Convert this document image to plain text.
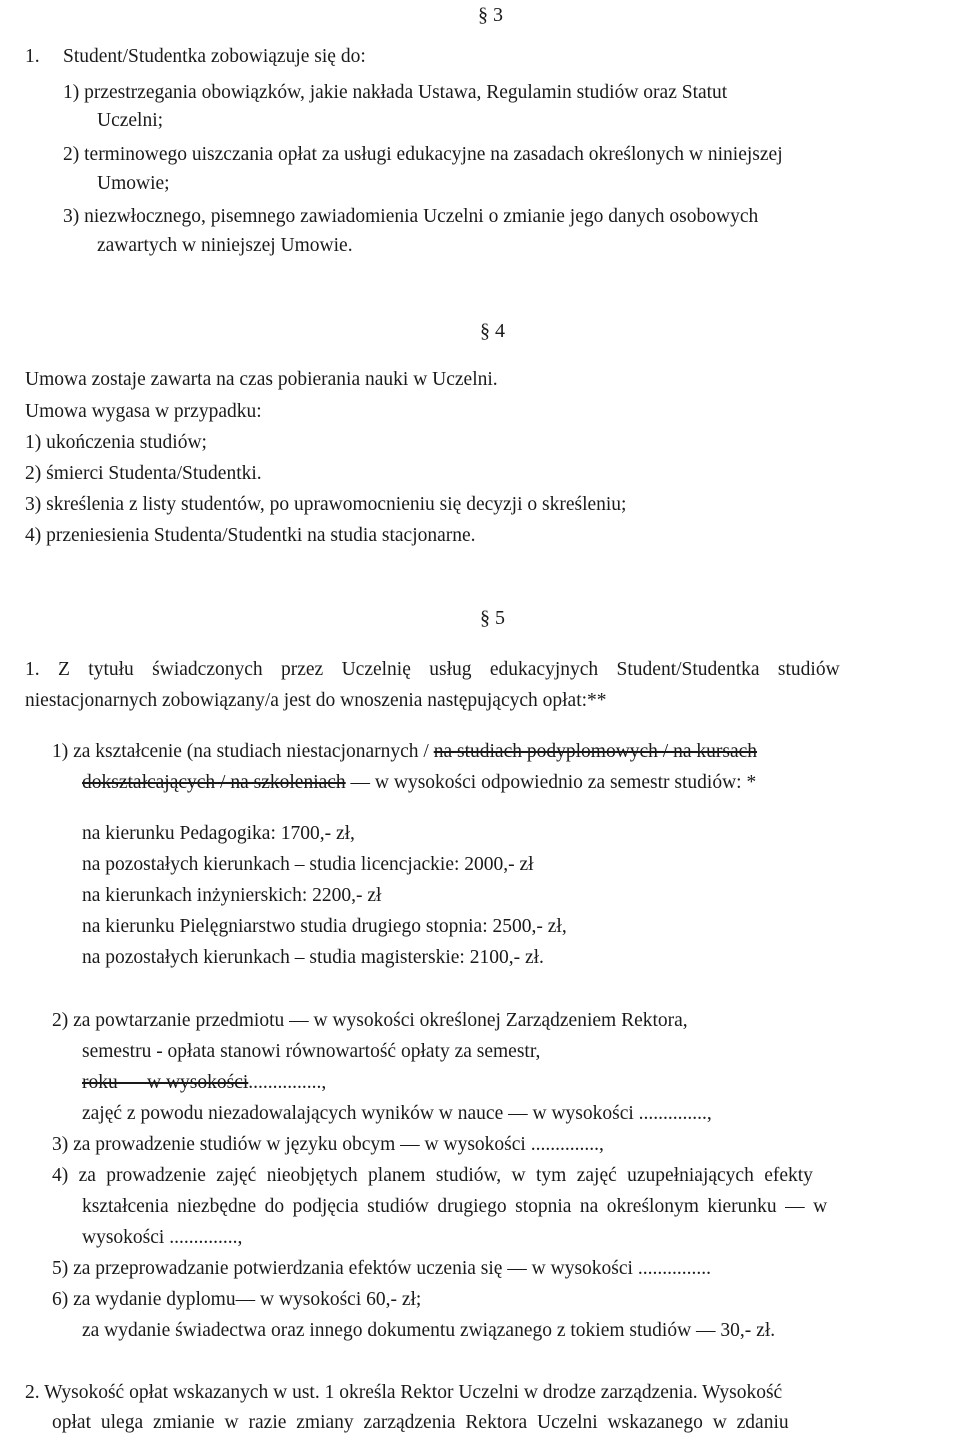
§ 3
1. Student/Studentka zobowiązuje się do:
1) przestrzegania obowiązków, jakie nakłada Ustawa, Regulamin studiów oraz Statut
Uczelni;
2) terminowego uiszczania opłat za usługi edukacyjne na zasadach określonych w niniejszej
Umowie;
3) niezwłocznego, pisemnego zawiadomienia Uczelni o zmianie jego danych osobowych
zawartych w niniejszej Umowie.
§ 4
Umowa zostaje zawarta na czas pobierania nauki w Uczelni.
Umowa wygasa w przypadku:
1) ukończenia studiów;
2) śmierci Studenta/Studentki.
3) skreślenia z listy studentów, po uprawomocnieniu się decyzji o skreśleniu;
4) przeniesienia Studenta/Studentki na studia stacjonarne.
§ 5
1. Z tytułu świadczonych przez Uczelnię usług edukacyjnych Student/Studentka studiów
niestacjonarnych zobowiązany/a jest do wnoszenia następujących opłat:**
1) za kształcenie (na studiach niestacjonarnych / na studiach podyplomowych / na kursach
dokształcających / na szkoleniach — w wysokości odpowiednio za semestr studiów: *
na kierunku Pedagogika: 1700,- zł,
na pozostałych kierunkach – studia licencjackie: 2000,- zł
na kierunkach inżynierskich: 2200,- zł
na kierunku Pielęgniarstwo studia drugiego stopnia: 2500,- zł,
na pozostałych kierunkach – studia magisterskie: 2100,- zł.
2) za powtarzanie przedmiotu — w wysokości określonej Zarządzeniem Rektora,
semestru - opłata stanowi równowartość opłaty za semestr,
roku — w wysokości...............,
zajęć z powodu niezadowalających wyników w nauce — w wysokości ..............,
3) za prowadzenie studiów w języku obcym — w wysokości ..............,
4) za prowadzenie zajęć nieobjętych planem studiów, w tym zajęć uzupełniających efekty
kształcenia niezbędne do podjęcia studiów drugiego stopnia na określonym kierunku — w
wysokości ..............,
5) za przeprowadzanie potwierdzania efektów uczenia się — w wysokości ...............
6) za wydanie dyplomu— w wysokości 60,- zł;
za wydanie świadectwa oraz innego dokumentu związanego z tokiem studiów — 30,- zł.
2. Wysokość opłat wskazanych w ust. 1 określa Rektor Uczelni w drodze zarządzenia. Wysokość
opłat ulega zmianie w razie zmiany zarządzenia Rektora Uczelni wskazanego w zdaniu
